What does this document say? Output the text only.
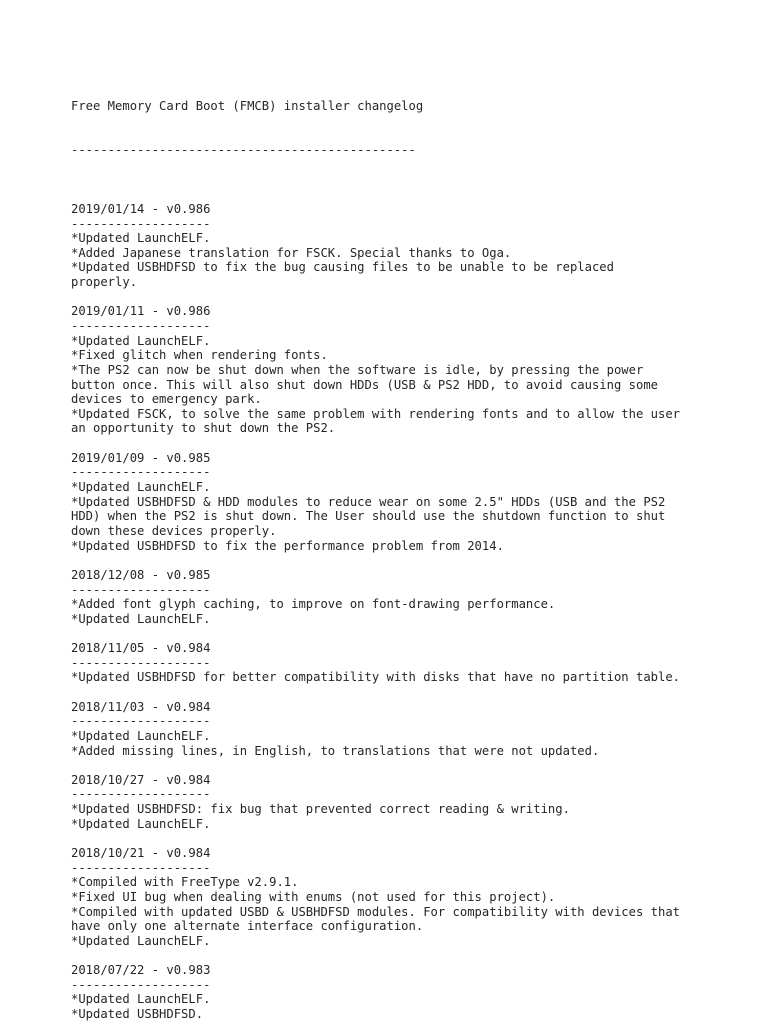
Free Memory Card Boot (FMCB) installer changelog

-----------------------------------------------

2019/01/14 - v0.986
-------------------
*Updated LaunchELF.
*Added Japanese translation for FSCK. Special thanks to Oga.
*Updated USBHDFSD to fix the bug causing files to be unable to be replaced
properly.
2019/01/11 - v0.986
-------------------
*Updated LaunchELF.
*Fixed glitch when rendering fonts.
*The PS2 can now be shut down when the software is idle, by pressing the power
button once. This will also shut down HDDs (USB & PS2 HDD, to avoid causing some
devices to emergency park.
*Updated FSCK, to solve the same problem with rendering fonts and to allow the user
an opportunity to shut down the PS2.
2019/01/09 - v0.985
-------------------
*Updated LaunchELF.
*Updated USBHDFSD & HDD modules to reduce wear on some 2.5" HDDs (USB and the PS2
HDD) when the PS2 is shut down. The User should use the shutdown function to shut
down these devices properly.
*Updated USBHDFSD to fix the performance problem from 2014.
2018/12/08 - v0.985
-------------------
*Added font glyph caching, to improve on font-drawing performance.
*Updated LaunchELF.
2018/11/05 - v0.984
-------------------
*Updated USBHDFSD for better compatibility with disks that have no partition table.
2018/11/03 - v0.984
-------------------
*Updated LaunchELF.
*Added missing lines, in English, to translations that were not updated.
2018/10/27 - v0.984
-------------------
*Updated USBHDFSD: fix bug that prevented correct reading & writing.
*Updated LaunchELF.
2018/10/21 - v0.984
-------------------
*Compiled with FreeType v2.9.1.
*Fixed UI bug when dealing with enums (not used for this project).
*Compiled with updated USBD & USBHDFSD modules. For compatibility with devices that
have only one alternate interface configuration.
*Updated LaunchELF.
2018/07/22 - v0.983
-------------------
*Updated LaunchELF.
*Updated USBHDFSD.
